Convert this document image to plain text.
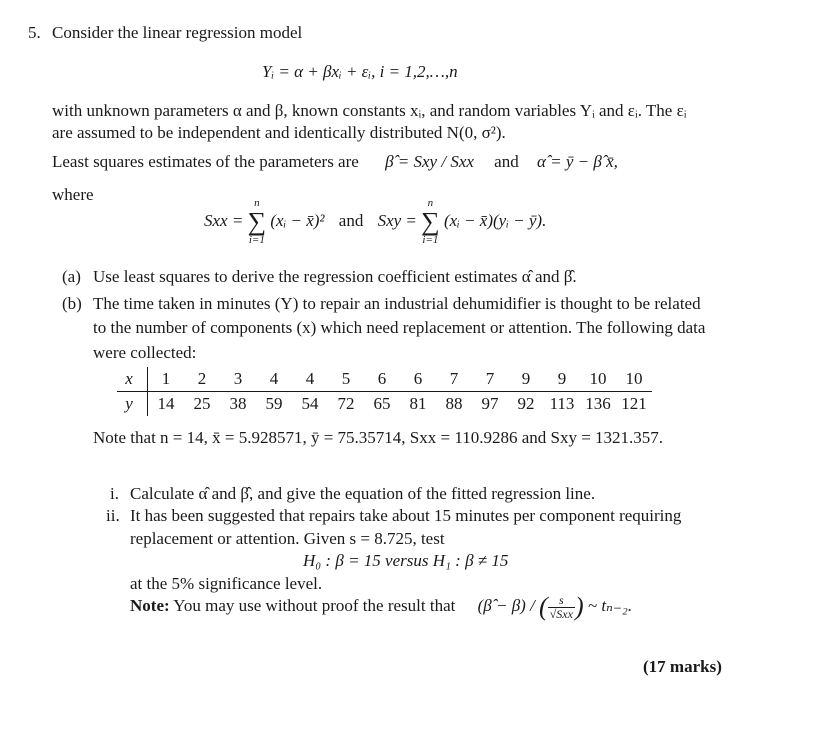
5. Consider the linear regression model
Yᵢ = α + βxᵢ + εᵢ, i = 1,2,…,n
with unknown parameters α and β, known constants xᵢ, and random variables Yᵢ and εᵢ. The εᵢ
are assumed to be independent and identically distributed N(0, σ²).
Least squares estimates of the parameters are β̂ = Sxy / Sxx and α̂ = ȳ − β̂ x̄,
where
Sxx =
n
∑
i=1
(xᵢ − x̄)² and Sxy =
n
∑
i=1
(xᵢ − x̄)(yᵢ − ȳ).
(a) Use least squares to derive the regression coefficient estimates α̂ and β̂.
(b) The time taken in minutes (Y) to repair an industrial dehumidifier is thought to be related
to the number of components (x) which need replacement or attention. The following data
were collected:
x	1	2	3	4	4	5	6	6	7	7	9	9	10	10
y	14	25	38	59	54	72	65	81	88	97	92	113	136	121
Note that n = 14, x̄ = 5.928571, ȳ = 75.35714, Sxx = 110.9286 and Sxy = 1321.357.
i. Calculate α̂ and β̂, and give the equation of the fitted regression line.
ii. It has been suggested that repairs take about 15 minutes per component requiring
replacement or attention. Given s = 8.725, test
H₀ : β = 15 versus H₁ : β ≠ 15
at the 5% significance level.
Note: You may use without proof the result that (β̂ − β) / ( $\frac{s}{\text{√Sxx}}$ ) ~ tₙ₋₂.
(17 marks)
